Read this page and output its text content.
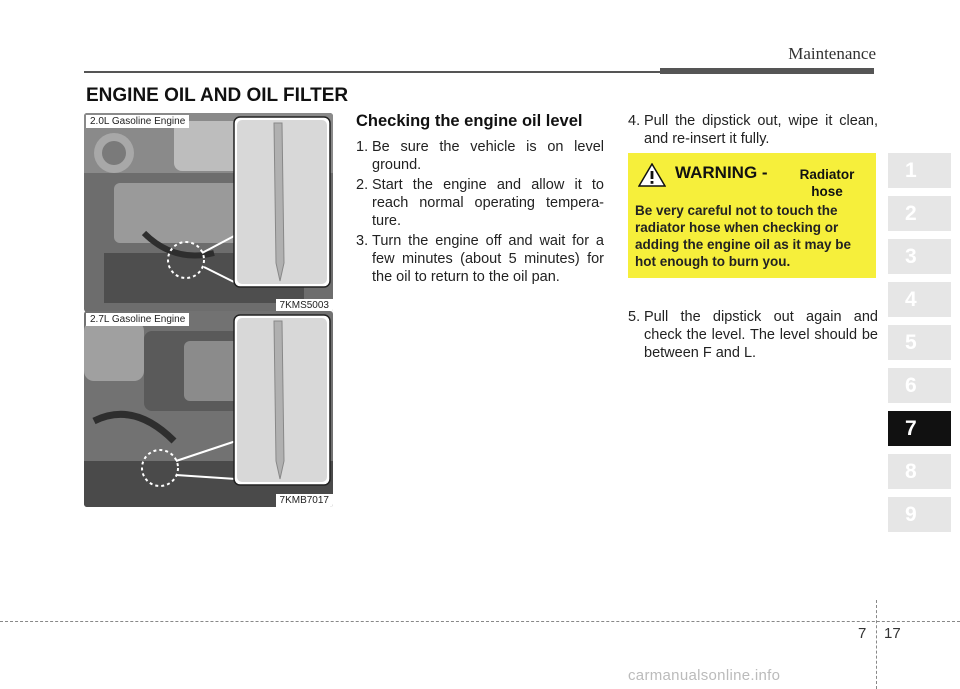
Maintenance
ENGINE OIL AND OIL FILTER
2.0L Gasoline Engine
7KMS5003
2.7L Gasoline Engine
7KMB7017
Checking the engine oil level
1. Be sure the vehicle is on level ground.
2. Start the engine and allow it to reach normal operating tempera-ture.
3. Turn the engine off and wait for a few minutes (about 5 minutes) for the oil to return to the oil pan.
4. Pull the dipstick out, wipe it clean, and re-insert it fully.
5. Pull the dipstick out again and check the level. The level should be between F and L.
WARNING -	Radiator hose
Be very careful not to touch the radiator hose when checking or adding the engine oil as it may be hot enough to burn you.
1
2
3
4
5
6
7
8
9
7 17
carmanualsonline.info
